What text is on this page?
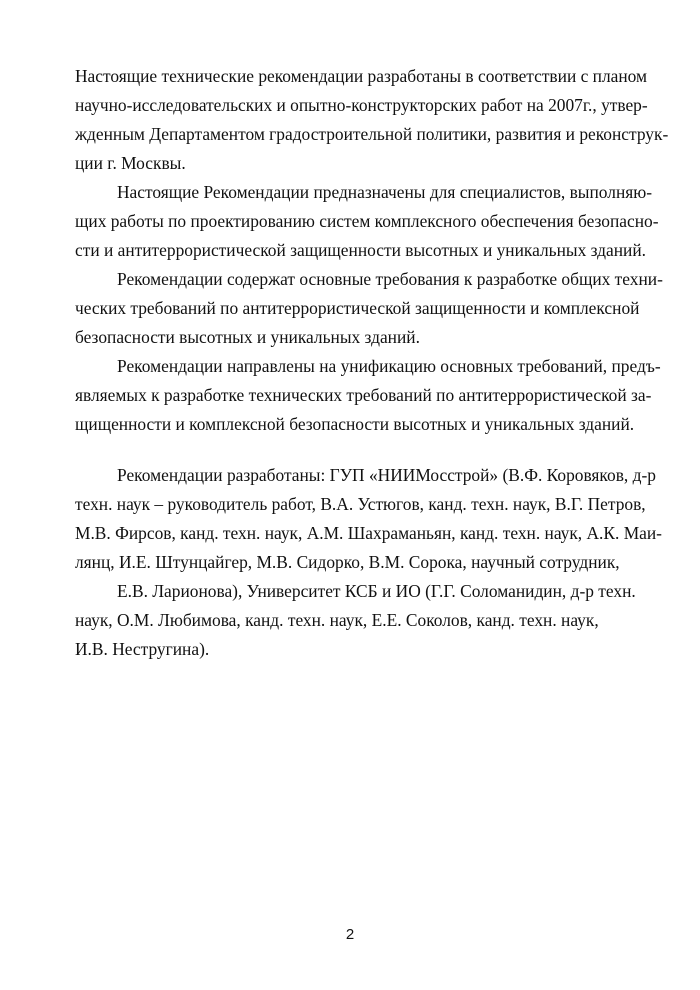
Настоящие технические рекомендации разработаны в соответствии с планом
научно-исследовательских и опытно-конструкторских работ на 2007г., утвер-
жденным Департаментом градостроительной политики, развития и реконструк-
ции г. Москвы.
Настоящие Рекомендации предназначены для специалистов, выполняю-
щих работы по проектированию систем комплексного обеспечения безопасно-
сти и антитеррористической защищенности высотных и уникальных зданий.
Рекомендации содержат основные требования к разработке общих техни-
ческих требований по антитеррористической защищенности и комплексной
безопасности высотных и уникальных зданий.
Рекомендации направлены на унификацию основных требований, предъ-
являемых к разработке технических требований по антитеррористической за-
щищенности и комплексной безопасности высотных и уникальных зданий.
Рекомендации разработаны: ГУП «НИИМосстрой» (В.Ф. Коровяков, д-р
техн. наук – руководитель работ, В.А. Устюгов, канд. техн. наук, В.Г. Петров,
М.В. Фирсов, канд. техн. наук, А.М. Шахраманьян, канд. техн. наук, А.К. Маи-
лянц, И.Е. Штунцайгер, М.В. Сидорко, В.М. Сорока, научный сотрудник,
Е.В. Ларионова), Университет КСБ и ИО (Г.Г. Соломанидин, д-р техн.
наук, О.М. Любимова, канд. техн. наук, Е.Е. Соколов, канд. техн. наук,
И.В. Нестругина).
2
